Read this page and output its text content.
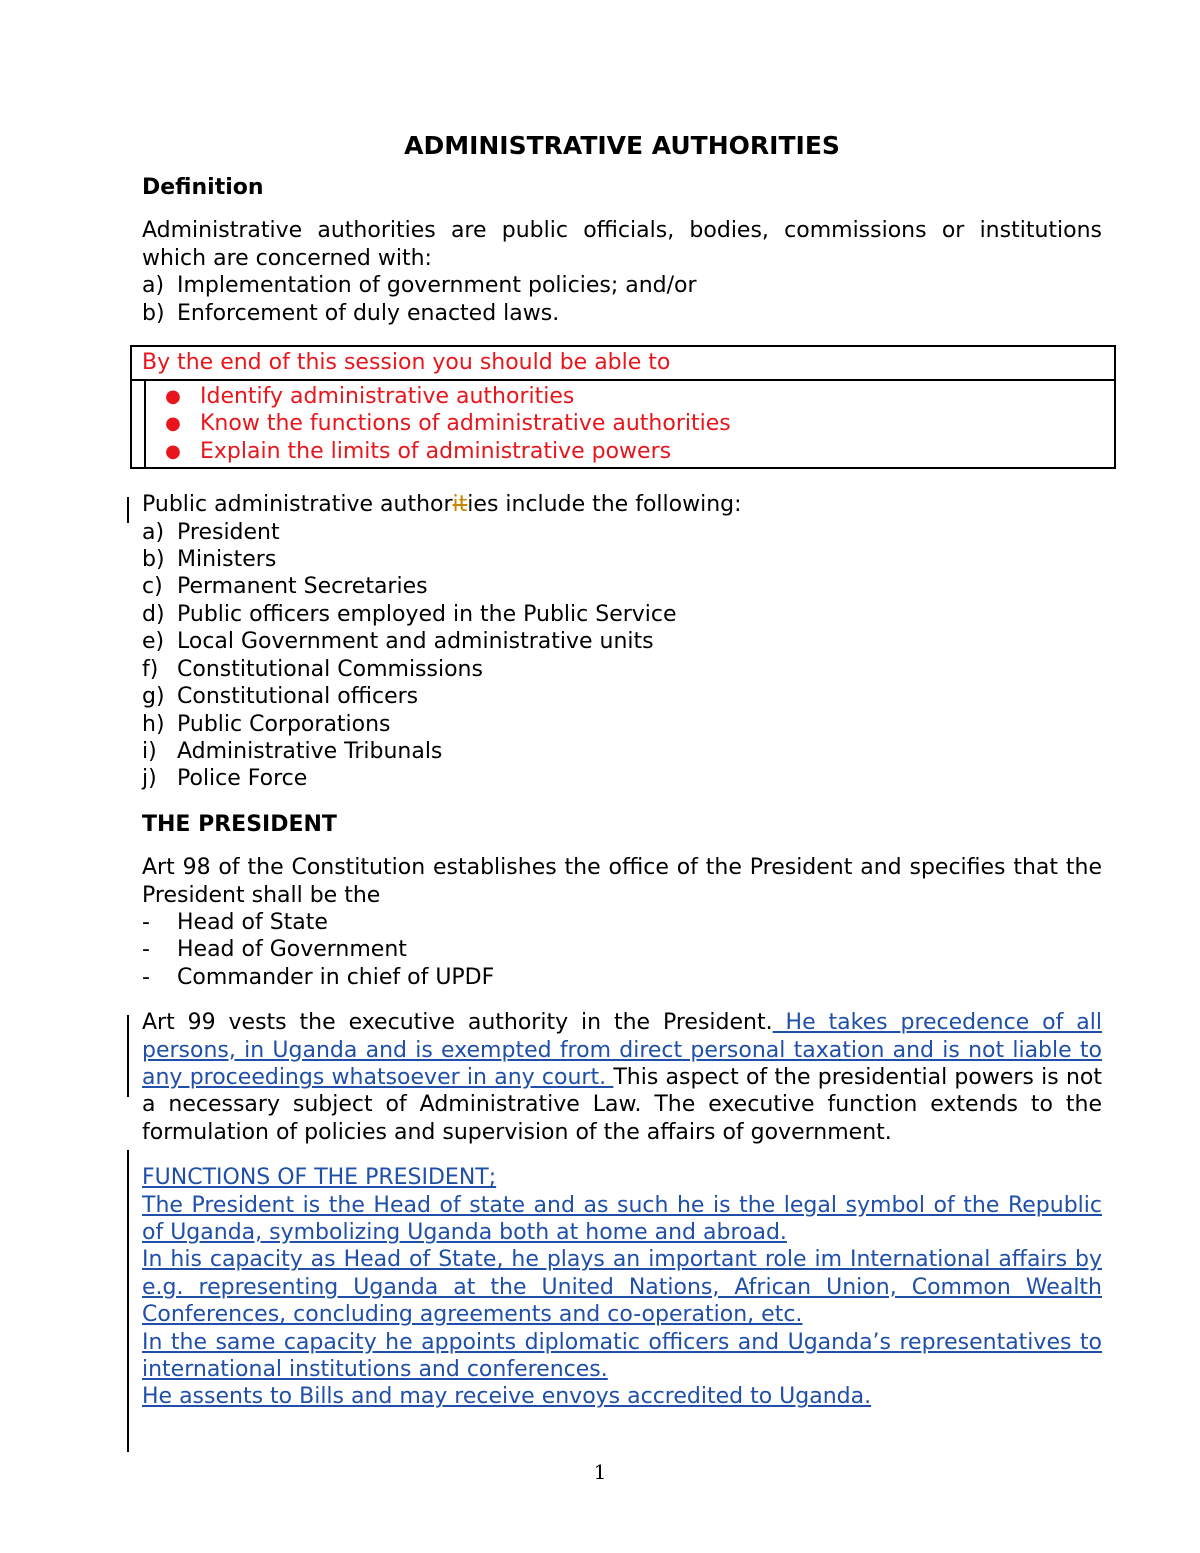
ADMINISTRATIVE AUTHORITIES
Definition

Administrative authorities are public officials, bodies, commissions or institutions which are concerned with:

a) Implementation of government policies; and/or
b) Enforcement of duly enacted laws.
By the end of this session you should be able to
● Identify administrative authorities
● Know the functions of administrative authorities
● Explain the limits of administrative powers

Public administrative authorities include the following:

a) President
b) Ministers
c) Permanent Secretaries
d) Public officers employed in the Public Service
e) Local Government and administrative units
f) Constitutional Commissions
g) Constitutional officers
h) Public Corporations
i) Administrative Tribunals
j) Police Force
THE PRESIDENT

Art 98 of the Constitution establishes the office of the President and specifies that the President shall be the

-	Head of State
-	Head of Government
-	Commander in chief of UPDF

Art 99 vests the executive authority in the President. He takes precedence of all persons, in Uganda and is exempted from direct personal taxation and is not liable to any proceedings whatsoever in any court. This aspect of the presidential powers is not a necessary subject of Administrative Law. The executive function extends to the formulation of policies and supervision of the affairs of government.

FUNCTIONS OF THE PRESIDENT;

The President is the Head of state and as such he is the legal symbol of the Republic of Uganda, symbolizing Uganda both at home and abroad.

In his capacity as Head of State, he plays an important role im International affairs by e.g. representing Uganda at the United Nations, African Union, Common Wealth Conferences, concluding agreements and co-operation, etc.

In the same capacity he appoints diplomatic officers and Uganda’s representatives to international institutions and conferences.

He assents to Bills and may receive envoys accredited to Uganda.

1
